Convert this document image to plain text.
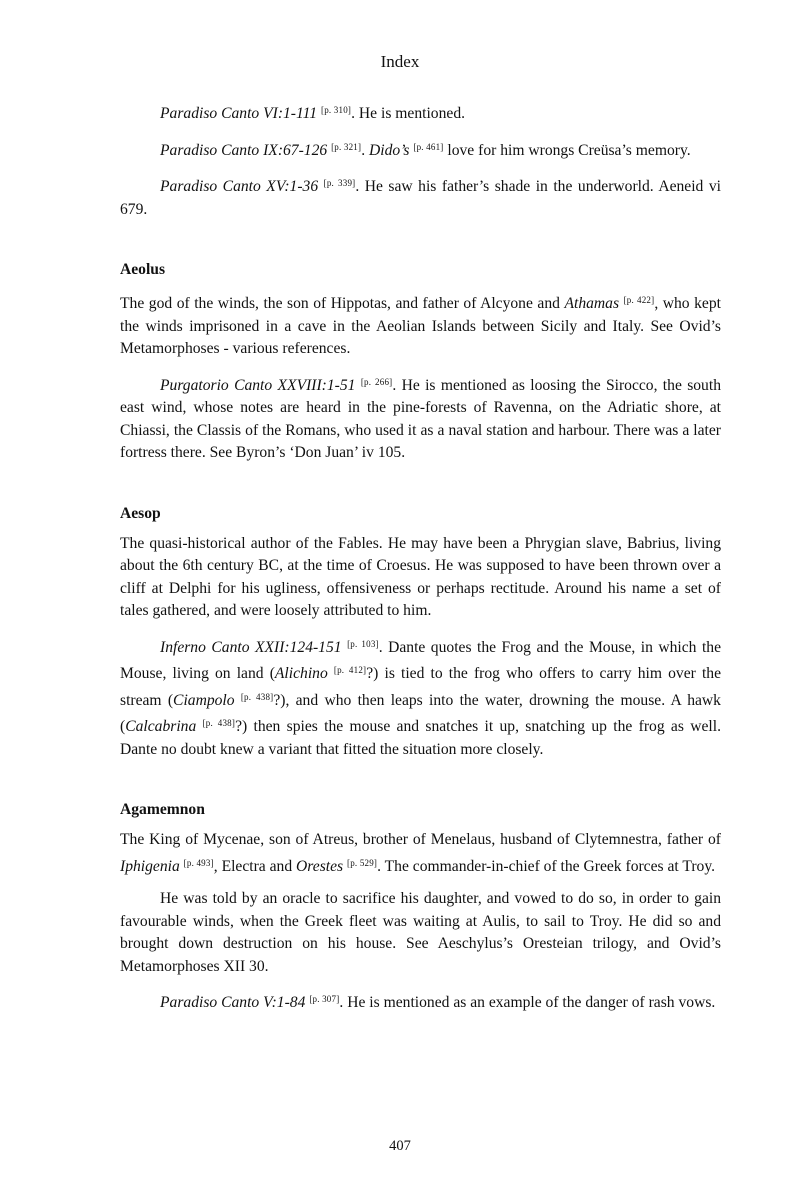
Index

Paradiso Canto VI:1-111 [p. 310]. He is mentioned.

Paradiso Canto IX:67-126 [p. 321]. Dido’s [p. 461] love for him wrongs Creüsa’s memory.

Paradiso Canto XV:1-36 [p. 339]. He saw his father’s shade in the underworld. Aeneid vi 679.

Aeolus

The god of the winds, the son of Hippotas, and father of Alcyone and Athamas [p. 422], who kept the winds imprisoned in a cave in the Aeolian Islands between Sicily and Italy. See Ovid’s Metamorphoses - various references.

Purgatorio Canto XXVIII:1-51 [p. 266]. He is mentioned as loosing the Sirocco, the south east wind, whose notes are heard in the pine-forests of Ravenna, on the Adriatic shore, at Chiassi, the Classis of the Romans, who used it as a naval station and harbour. There was a later fortress there. See Byron’s ‘Don Juan’ iv 105.

Aesop

The quasi-historical author of the Fables. He may have been a Phrygian slave, Babrius, living about the 6th century BC, at the time of Croesus. He was supposed to have been thrown over a cliff at Delphi for his ugliness, offensiveness or perhaps rectitude. Around his name a set of tales gathered, and were loosely attributed to him.

Inferno Canto XXII:124-151 [p. 103]. Dante quotes the Frog and the Mouse, in which the Mouse, living on land (Alichino [p. 412]?) is tied to the frog who offers to carry him over the stream (Ciampolo [p. 438]?), and who then leaps into the water, drowning the mouse. A hawk (Calcabrina [p. 438]?) then spies the mouse and snatches it up, snatching up the frog as well. Dante no doubt knew a variant that fitted the situation more closely.

Agamemnon

The King of Mycenae, son of Atreus, brother of Menelaus, husband of Clytemnestra, father of Iphigenia [p. 493], Electra and Orestes [p. 529]. The commander-in-chief of the Greek forces at Troy.

He was told by an oracle to sacrifice his daughter, and vowed to do so, in order to gain favourable winds, when the Greek fleet was waiting at Aulis, to sail to Troy. He did so and brought down destruction on his house. See Aeschylus’s Oresteian trilogy, and Ovid’s Metamorphoses XII 30.

Paradiso Canto V:1-84 [p. 307]. He is mentioned as an example of the danger of rash vows.

407
